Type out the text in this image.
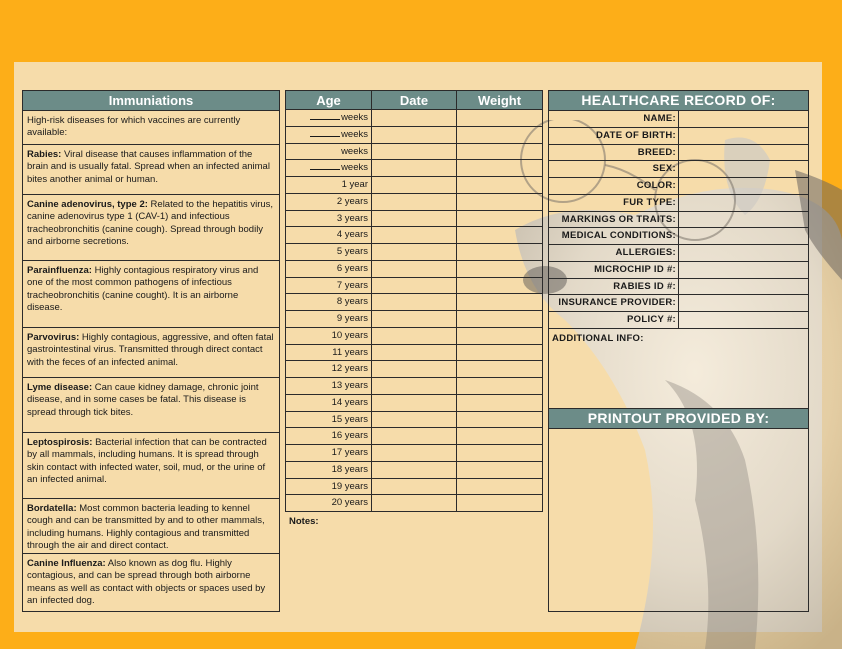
Immuniations
High-risk diseases for which vaccines are currently available:
Rabies: Viral disease that causes inflammation of the brain and is usually fatal. Spread when an infected animal bites another animal or human.
Canine adenovirus, type 2: Related to the hepatitis virus, canine adenovirus type 1 (CAV-1) and infectious tracheobronchitis (canine cough). Spread through bodily and airborne secretions.
Parainfluenza: Highly contagious respiratory virus and one of the most common pathogens of infectious tracheobronchitis (canine cought). It is an airborne disease.
Parvovirus: Highly contagious, aggressive, and often fatal gastrointestinal virus. Transmitted through direct contact with the feces of an infected animal.
Lyme disease: Can caue kidney damage, chronic joint disease, and in some cases be fatal. This disease is spread through tick bites.
Leptospirosis: Bacterial infection that can be contracted by all mammals, including humans. It is spread through skin contact with infected water, soil, mud, or the urine of an infected animal.
Bordatella: Most common bacteria leading to kennel cough and can be transmitted by and to other mammals, including humans. Highly contagious and transmitted through the air and direct contact.
Canine Influenza: Also known as dog flu. Highly contagious, and can be spread through both airborne means as well as contact with objects or spaces used by an infected dog.
Age	Date	Weight
weeks
weeks
weeks
weeks
1 year
2 years
3 years
4 years
5 years
6 years
7 years
8 years
9 years
10 years
11 years
12 years
13 years
14 years
15 years
16 years
17 years
18 years
19 years
20 years
Notes:
HEALTHCARE RECORD OF:
NAME:
DATE OF BIRTH:
BREED:
SEX:
COLOR:
FUR TYPE:
MARKINGS OR TRAITS:
MEDICAL CONDITIONS:
ALLERGIES:
MICROCHIP ID #:
RABIES ID #:
INSURANCE PROVIDER:
POLICY #:
ADDITIONAL INFO:
PRINTOUT PROVIDED BY:
